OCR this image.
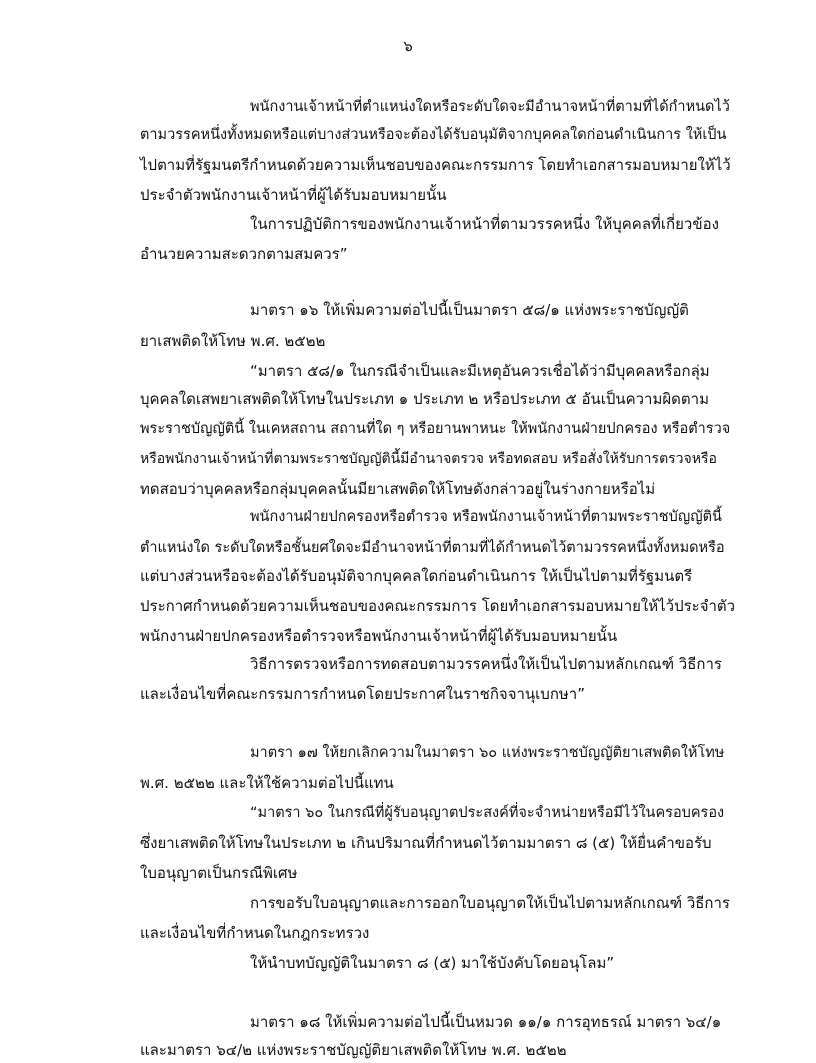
๖
พนักงานเจ้าหน้าที่ตำแหน่งใดหรือระดับใดจะมีอำนาจหน้าที่ตามที่ได้กำหนดไว้
ตามวรรคหนึ่งทั้งหมดหรือแต่บางส่วนหรือจะต้องได้รับอนุมัติจากบุคคลใดก่อนดำเนินการ ให้เป็น
ไปตามที่รัฐมนตรีกำหนดด้วยความเห็นชอบของคณะกรรมการ โดยทำเอกสารมอบหมายให้ไว้
ประจำตัวพนักงานเจ้าหน้าที่ผู้ได้รับมอบหมายนั้น
ในการปฏิบัติการของพนักงานเจ้าหน้าที่ตามวรรคหนึ่ง ให้บุคคลที่เกี่ยวข้อง
อำนวยความสะดวกตามสมควร”
มาตรา ๑๖ ให้เพิ่มความต่อไปนี้เป็นมาตรา ๕๘/๑ แห่งพระราชบัญญัติ
ยาเสพติดให้โทษ พ.ศ. ๒๕๒๒
“มาตรา ๕๘/๑ ในกรณีจำเป็นและมีเหตุอันควรเชื่อได้ว่ามีบุคคลหรือกลุ่ม
บุคคลใดเสพยาเสพติดให้โทษในประเภท ๑ ประเภท ๒ หรือประเภท ๕ อันเป็นความผิดตาม
พระราชบัญญัตินี้ ในเคหสถาน สถานที่ใด ๆ หรือยานพาหนะ ให้พนักงานฝ่ายปกครอง หรือตำรวจ
หรือพนักงานเจ้าหน้าที่ตามพระราชบัญญัตินี้มีอำนาจตรวจ หรือทดสอบ หรือสั่งให้รับการตรวจหรือ
ทดสอบว่าบุคคลหรือกลุ่มบุคคลนั้นมียาเสพติดให้โทษดังกล่าวอยู่ในร่างกายหรือไม่
พนักงานฝ่ายปกครองหรือตำรวจ หรือพนักงานเจ้าหน้าที่ตามพระราชบัญญัตินี้
ตำแหน่งใด ระดับใดหรือชั้นยศใดจะมีอำนาจหน้าที่ตามที่ได้กำหนดไว้ตามวรรคหนึ่งทั้งหมดหรือ
แต่บางส่วนหรือจะต้องได้รับอนุมัติจากบุคคลใดก่อนดำเนินการ ให้เป็นไปตามที่รัฐมนตรี
ประกาศกำหนดด้วยความเห็นชอบของคณะกรรมการ โดยทำเอกสารมอบหมายให้ไว้ประจำตัว
พนักงานฝ่ายปกครองหรือตำรวจหรือพนักงานเจ้าหน้าที่ผู้ได้รับมอบหมายนั้น
วิธีการตรวจหรือการทดสอบตามวรรคหนึ่งให้เป็นไปตามหลักเกณฑ์ วิธีการ
และเงื่อนไขที่คณะกรรมการกำหนดโดยประกาศในราชกิจจานุเบกษา”
มาตรา ๑๗ ให้ยกเลิกความในมาตรา ๖๐ แห่งพระราชบัญญัติยาเสพติดให้โทษ
พ.ศ. ๒๕๒๒ และให้ใช้ความต่อไปนี้แทน
“มาตรา ๖๐ ในกรณีที่ผู้รับอนุญาตประสงค์ที่จะจำหน่ายหรือมีไว้ในครอบครอง
ซึ่งยาเสพติดให้โทษในประเภท ๒ เกินปริมาณที่กำหนดไว้ตามมาตรา ๘ (๕) ให้ยื่นคำขอรับ
ใบอนุญาตเป็นกรณีพิเศษ
การขอรับใบอนุญาตและการออกใบอนุญาตให้เป็นไปตามหลักเกณฑ์ วิธีการ
และเงื่อนไขที่กำหนดในกฎกระทรวง
ให้นำบทบัญญัติในมาตรา ๘ (๕) มาใช้บังคับโดยอนุโลม”
มาตรา ๑๘ ให้เพิ่มความต่อไปนี้เป็นหมวด ๑๑/๑ การอุทธรณ์ มาตรา ๖๔/๑
และมาตรา ๖๔/๒ แห่งพระราชบัญญัติยาเสพติดให้โทษ พ.ศ. ๒๕๒๒
